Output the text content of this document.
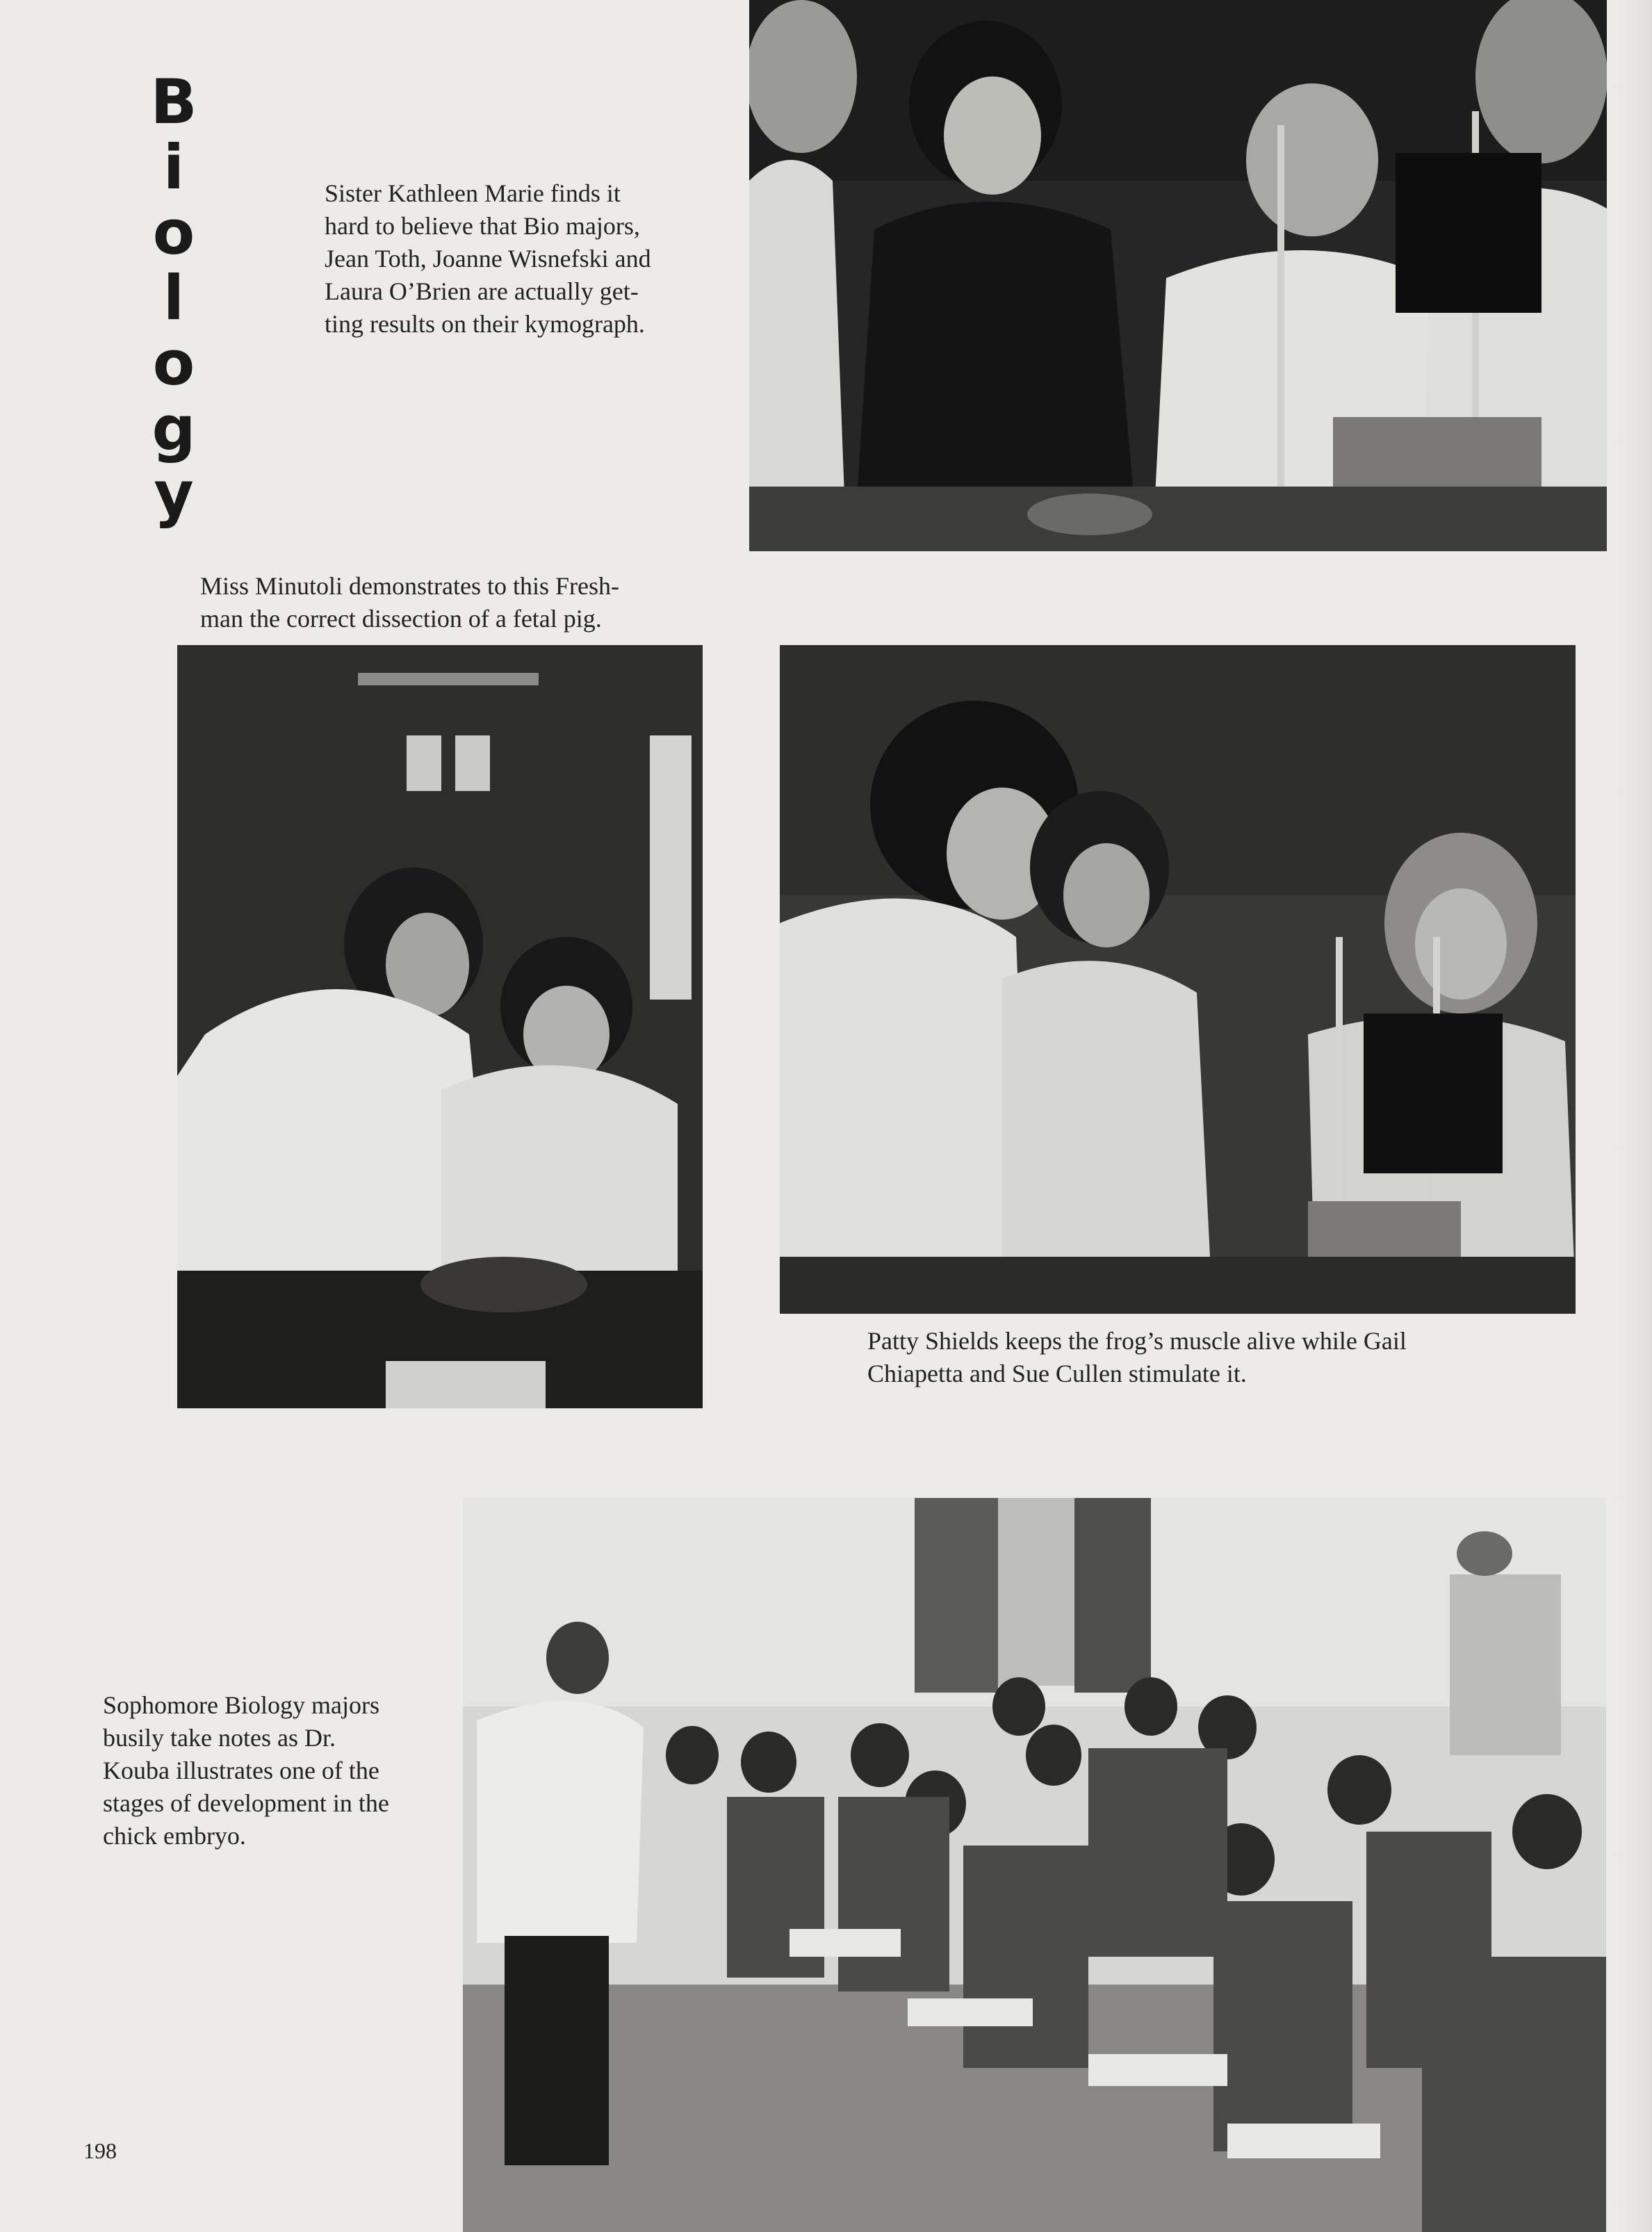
B
i
o
l
o
g
y
Sister Kathleen Marie finds it
hard to believe that Bio majors,
Jean Toth, Joanne Wisnefski and
Laura O’Brien are actually get-
ting results on their kymograph.
Miss Minutoli demonstrates to this Fresh-
man the correct dissection of a fetal pig.
Patty Shields keeps the frog’s muscle alive while Gail
Chiapetta and Sue Cullen stimulate it.
Sophomore Biology majors
busily take notes as Dr.
Kouba illustrates one of the
stages of development in the
chick embryo.
198
